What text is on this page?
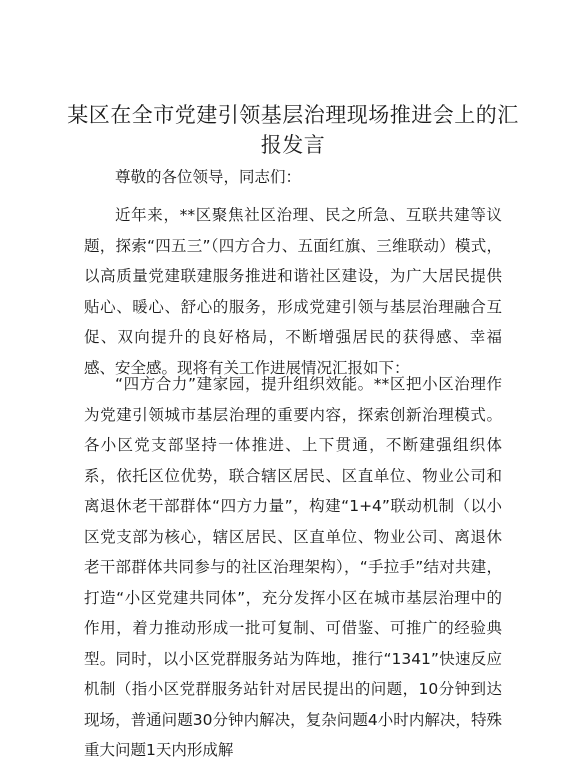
某区在全市党建引领基层治理现场推进会上的汇报发言

尊敬的各位领导，同志们：

近年来，**区聚焦社区治理、民之所急、互联共建等议题，探索“四五三”（四方合力、五面红旗、三维联动）模式，以高质量党建联建服务推进和谐社区建设，为广大居民提供贴心、暖心、舒心的服务，形成党建引领与基层治理融合互促、双向提升的良好格局，不断增强居民的获得感、幸福感、安全感。现将有关工作进展情况汇报如下：

“四方合力”建家园，提升组织效能。**区把小区治理作为党建引领城市基层治理的重要内容，探索创新治理模式。各小区党支部坚持一体推进、上下贯通，不断建强组织体系，依托区位优势，联合辖区居民、区直单位、物业公司和离退休老干部群体“四方力量”，构建“1+4”联动机制（以小区党支部为核心，辖区居民、区直单位、物业公司、离退休老干部群体共同参与的社区治理架构），“手拉手”结对共建，打造“小区党建共同体”，充分发挥小区在城市基层治理中的作用，着力推动形成一批可复制、可借鉴、可推广的经验典型。同时，以小区党群服务站为阵地，推行“1341”快速反应机制（指小区党群服务站针对居民提出的问题，10分钟到达现场，普通问题30分钟内解决，复杂问题4小时内解决，特殊重大问题1天内形成解
